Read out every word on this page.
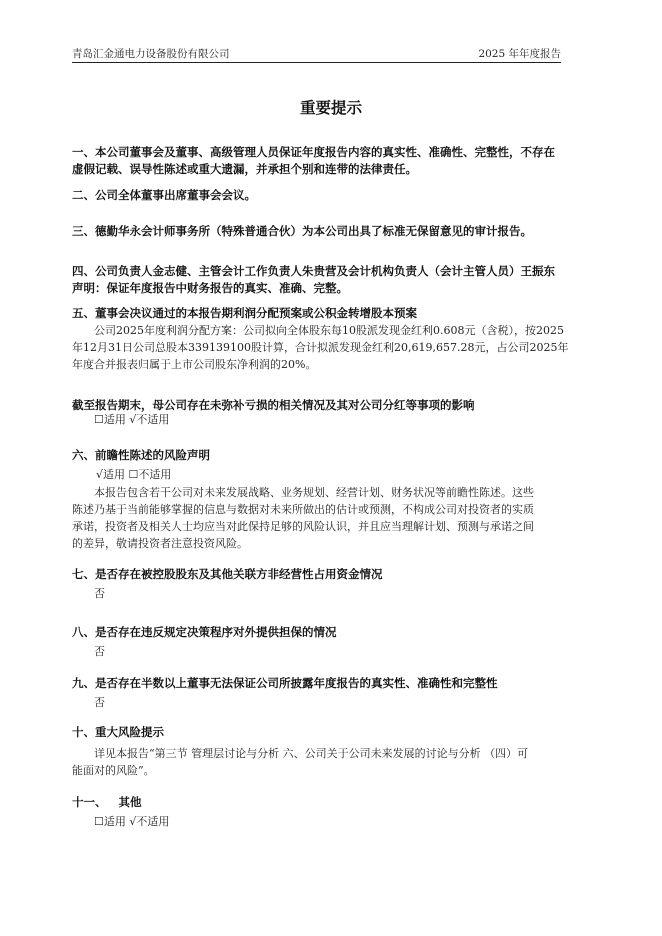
青岛汇金通电力设备股份有限公司	2025 年年度报告
重要提示
一、本公司董事会及董事、高级管理人员保证年度报告内容的真实性、准确性、完整性，不存在
虚假记载、误导性陈述或重大遗漏，并承担个别和连带的法律责任。
二、公司全体董事出席董事会会议。
三、德勤华永会计师事务所（特殊普通合伙）为本公司出具了标准无保留意见的审计报告。
四、公司负责人金志健、主管会计工作负责人朱贵营及会计机构负责人（会计主管人员）王振东
声明：保证年度报告中财务报告的真实、准确、完整。
五、董事会决议通过的本报告期利润分配预案或公积金转增股本预案
公司2025年度利润分配方案：公司拟向全体股东每10股派发现金红利0.608元（含税），按2025
年12月31日公司总股本339139100股计算，合计拟派发现金红利20,619,657.28元，占公司2025年
年度合并报表归属于上市公司股东净利润的20%。
截至报告期末，母公司存在未弥补亏损的相关情况及其对公司分红等事项的影响
☐适用 √不适用
六、前瞻性陈述的风险声明
√适用 ☐不适用
本报告包含若干公司对未来发展战略、业务规划、经营计划、财务状况等前瞻性陈述。这些
陈述乃基于当前能够掌握的信息与数据对未来所做出的估计或预测，不构成公司对投资者的实质
承诺，投资者及相关人士均应当对此保持足够的风险认识，并且应当理解计划、预测与承诺之间
的差异，敬请投资者注意投资风险。
七、是否存在被控股股东及其他关联方非经营性占用资金情况
否
八、是否存在违反规定决策程序对外提供担保的情况
否
九、是否存在半数以上董事无法保证公司所披露年度报告的真实性、准确性和完整性
否
十、重大风险提示
详见本报告“第三节 管理层讨论与分析 六、公司关于公司未来发展的讨论与分析 （四）可
能面对的风险”。
十一、   其他
☐适用 √不适用
